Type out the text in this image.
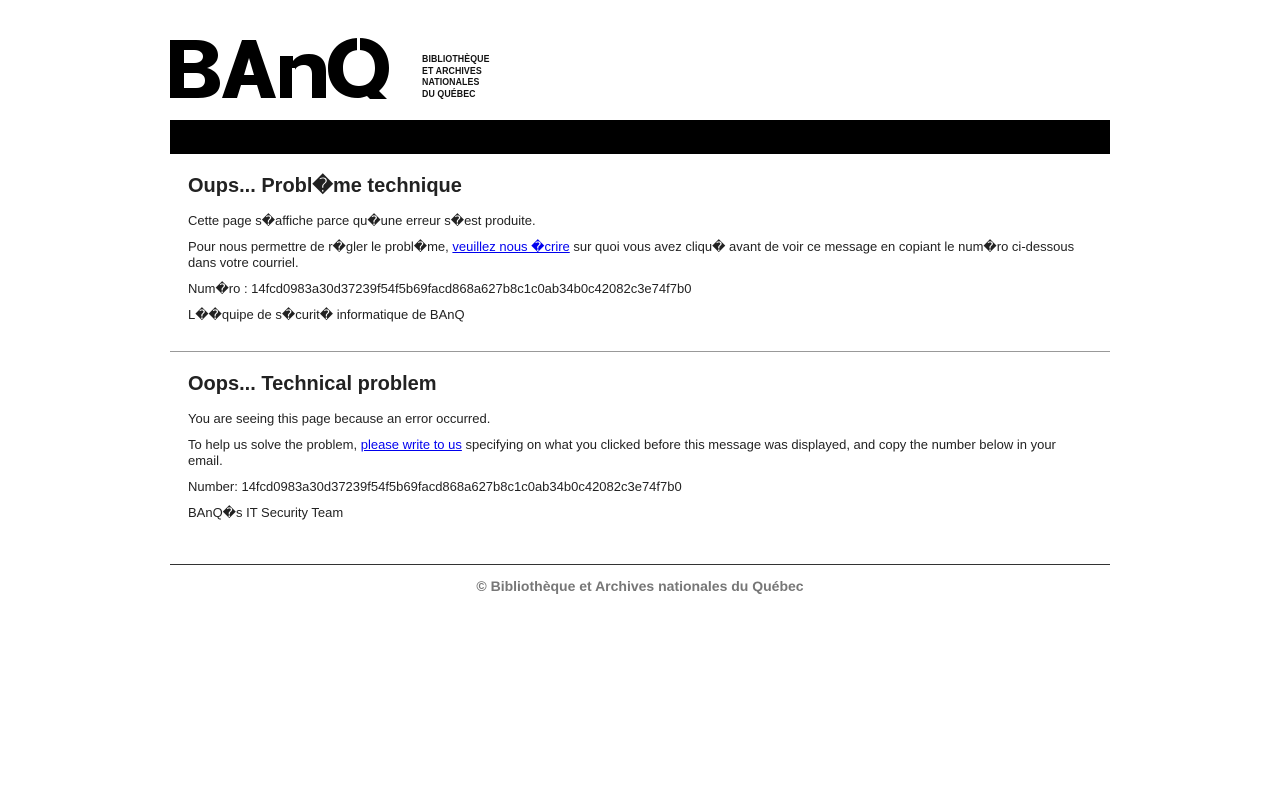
BIBLIOTHÈQUE
ET ARCHIVES
NATIONALES
DU QUÉBEC
Oups... Probl�me technique

Cette page s�affiche parce qu�une erreur s�est produite.

Pour nous permettre de r�gler le probl�me, veuillez nous �crire sur quoi vous avez cliqu� avant de voir ce message en copiant le num�ro ci-dessous dans votre courriel.

Num�ro : 14fcd0983a30d37239f54f5b69facd868a627b8c1c0ab34b0c42082c3e74f7b0

L��quipe de s�curit� informatique de BAnQ

Oops... Technical problem

You are seeing this page because an error occurred.

To help us solve the problem, please write to us specifying on what you clicked before this message was displayed, and copy the number below in your email.

Number: 14fcd0983a30d37239f54f5b69facd868a627b8c1c0ab34b0c42082c3e74f7b0

BAnQ�s IT Security Team

© Bibliothèque et Archives nationales du Québec
